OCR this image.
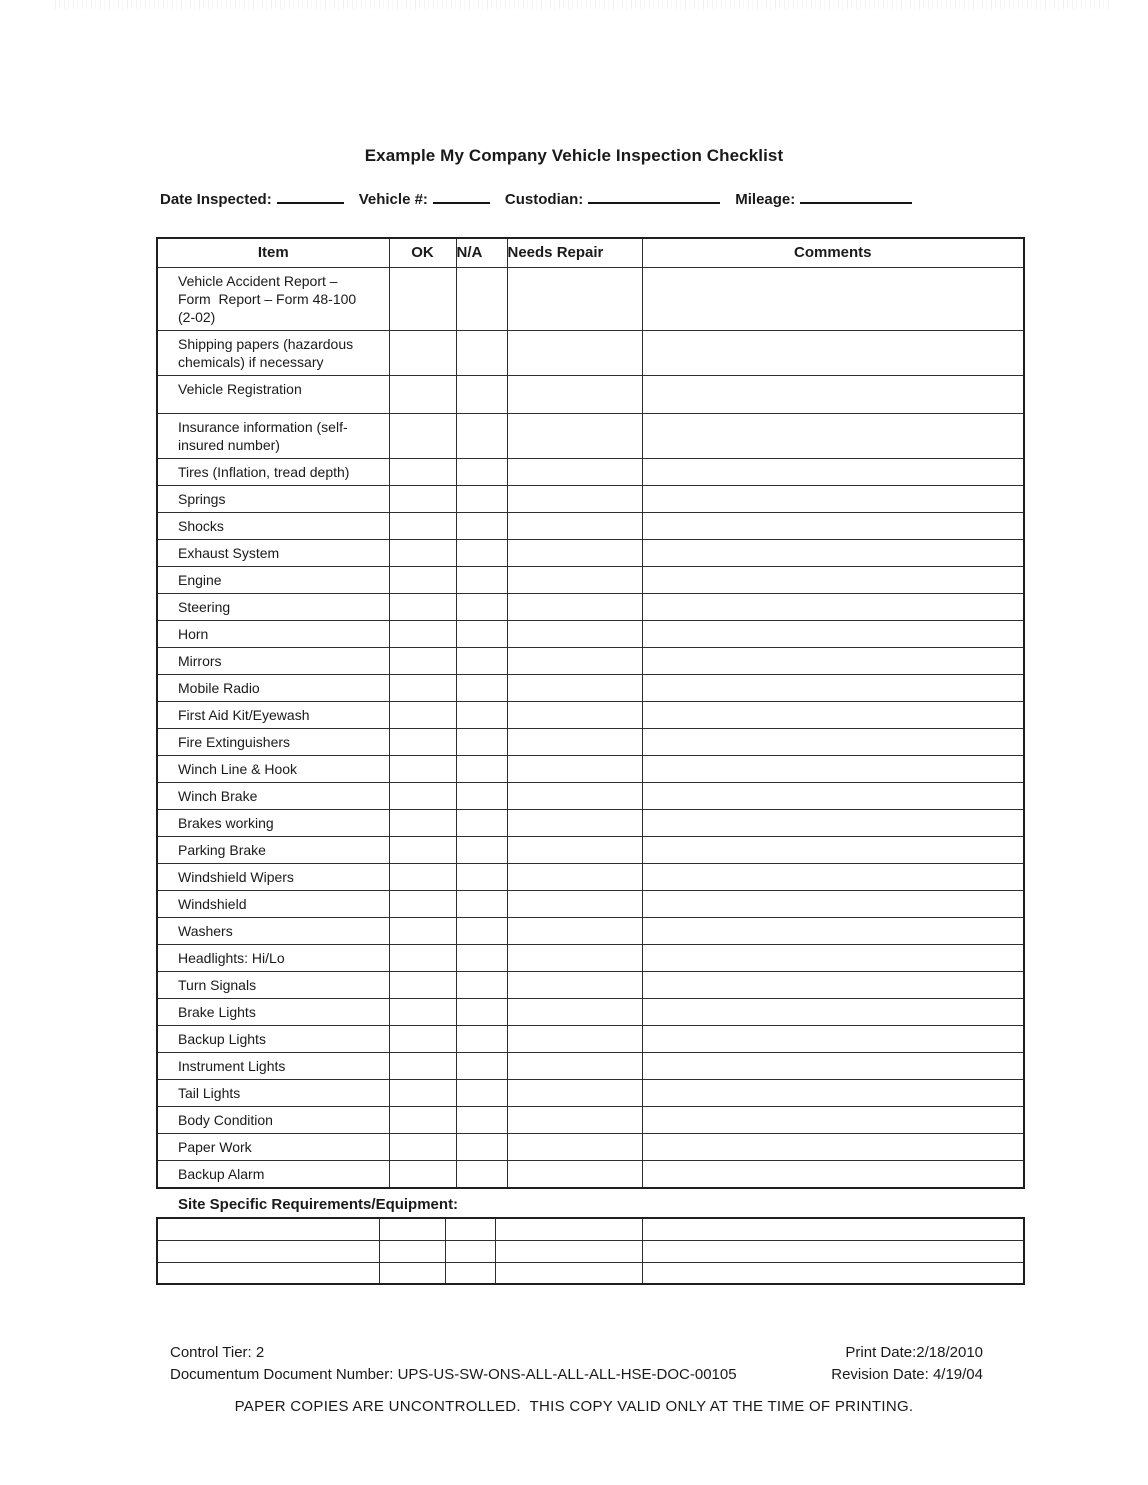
Example My Company Vehicle Inspection Checklist
Date Inspected:	Vehicle #:	Custodian:	Mileage:
Item	OK	N/A	Needs Repair	Comments
Vehicle Accident Report –
Form  Report – Form 48-100
(2-02)				
Shipping papers (hazardous
chemicals) if necessary				
Vehicle Registration				
Insurance information (self-
insured number)				
Tires (Inflation, tread depth)				
Springs				
Shocks				
Exhaust System				
Engine				
Steering				
Horn				
Mirrors				
Mobile Radio				
First Aid Kit/Eyewash				
Fire Extinguishers				
Winch Line & Hook				
Winch Brake				
Brakes working				
Parking Brake				
Windshield Wipers				
Windshield				
Washers				
Headlights: Hi/Lo				
Turn Signals				
Brake Lights				
Backup Lights				
Instrument Lights				
Tail Lights				
Body Condition				
Paper Work				
Backup Alarm				
Site Specific Requirements/Equipment:

Control Tier: 2
Documentum Document Number: UPS-US-SW-ONS-ALL-ALL-ALL-HSE-DOC-00105
Print Date:2/18/2010
Revision Date: 4/19/04
PAPER COPIES ARE UNCONTROLLED.  THIS COPY VALID ONLY AT THE TIME OF PRINTING.
